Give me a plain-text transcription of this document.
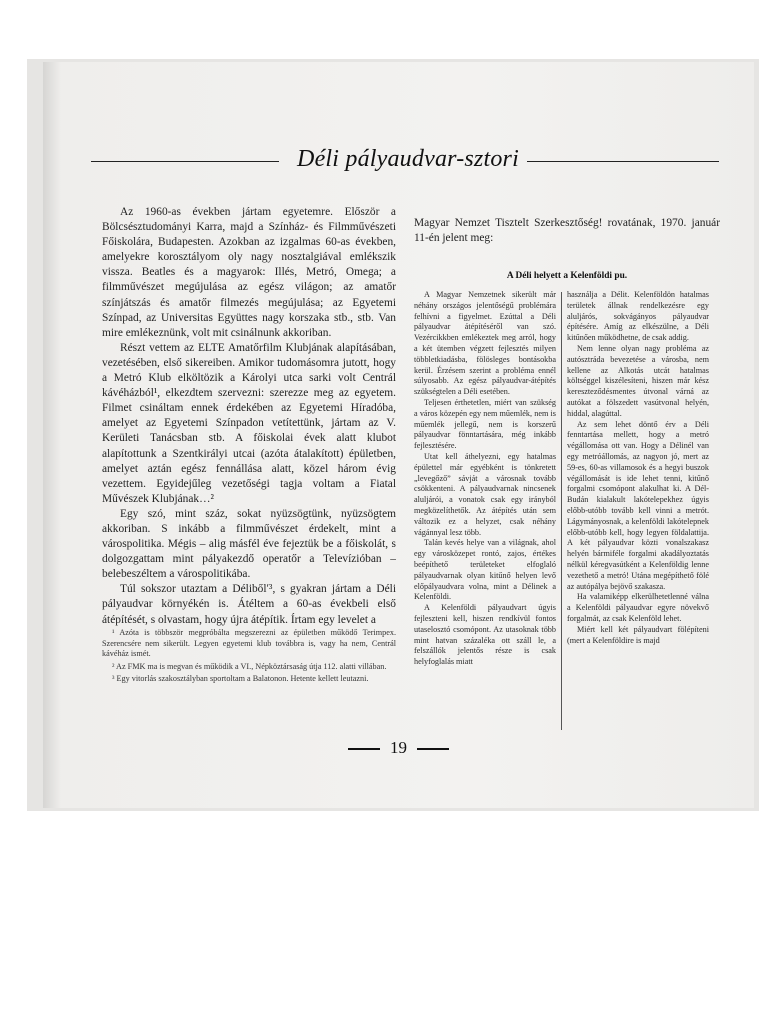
Déli pályaudvar-sztori

Az 1960-as években jártam egyetemre. Először a Bölcsésztudományi Karra, majd a Színház- és Filmművészeti Főiskolára, Budapesten. Azokban az izgalmas 60-as években, amelyekre korosztályom oly nagy nosztalgiával emlékszik vissza. Beatles és a magyarok: Illés, Metró, Omega; a filmművészet megújulása az egész világon; az amatőr színjátszás és amatőr filmezés megújulása; az Egyetemi Színpad, az Universitas Együttes nagy korszaka stb., stb. Van mire emlékeznünk, volt mit csinálnunk akkoriban.

Részt vettem az ELTE Amatőrfilm Klubjának alapításában, vezetésében, első sikereiben. Amikor tudomásomra jutott, hogy a Metró Klub elköltözik a Károlyi utca sarki volt Centrál kávéházból¹, elkezdtem szervezni: szerezze meg az egyetem. Filmet csináltam ennek érdekében az Egyetemi Híradóba, amelyet az Egyetemi Színpadon vetítettünk, jártam az V. Kerületi Tanácsban stb. A főiskolai évek alatt klubot alapítottunk a Szentkirályi utcai (azóta átalakított) épületben, amelyet aztán egész fennállása alatt, közel három évig vezettem. Egyidejűleg vezetőségi tagja voltam a Fiatal Művészek Klubjának…²

Egy szó, mint száz, sokat nyüzsögtünk, nyüzsögtem akkoriban. S inkább a filmművészet érdekelt, mint a várospolitika. Mégis – alig másfél éve fejeztük be a főiskolát, s dolgozgattam mint pályakezdő operatőr a Televízióban – belebeszéltem a várospolitikába.

Túl sokszor utaztam a Délibőlʹ³, s gyakran jártam a Déli pályaudvar környékén is. Átéltem a 60-as évekbeli első átépítését, s olvastam, hogy újra átépítik. Írtam egy levelet a

¹ Azóta is többször megpróbálta megszerezni az épületben működő Terimpex. Szerencsére nem sikerült. Legyen egyetemi klub továbbra is, vagy ha nem, Centrál kávéház ismét.

² Az FMK ma is megvan és működik a VI., Népköztársaság útja 112. alatti villában.

³ Egy vitorlás szakosztályban sportoltam a Balatonon. Hetente kellett leutazni.

Magyar Nemzet Tisztelt Szerkesztőség! rovatának, 1970. január 11-én jelent meg:
A Déli helyett a Kelenföldi pu.

A Magyar Nemzetnek sikerült már néhány országos jelentőségű problémára felhívni a figyelmet. Ezúttal a Déli pályaudvar átépítéséről van szó. Vezércikkben emlékeztek meg arról, hogy a két ütemben végzett fejlesztés milyen többletkiadásba, fölösleges bontásokba kerül. Érzésem szerint a probléma ennél súlyosabb. Az egész pályaudvar-átépítés szükségtelen a Déli esetében.

Teljesen érthetetlen, miért van szükség a város közepén egy nem műemlék, nem is műemlék jellegű, nem is korszerű pályaudvar fönntartására, még inkább fejlesztésére.

Utat kell áthelyezni, egy hatalmas épülettel már egyébként is tönkretett „levegőző” sávját a városnak tovább csökkenteni. A pályaudvarnak nincsenek aluljárói, a vonatok csak egy irányból megközelíthetők. Az átépítés után sem változik ez a helyzet, csak néhány vágánnyal lesz több.

Talán kevés helye van a világnak, ahol egy városközepet rontó, zajos, értékes beépíthető területeket elfoglaló pályaudvarnak olyan kitűnő helyen levő előpályaudvara volna, mint a Délinek a Kelenföldi.

A Kelenföldi pályaudvart úgyis fejleszteni kell, hiszen rendkívül fontos utaselosztó csomópont. Az utasoknak több mint hatvan százaléka ott száll le, a felszállók jelentős része is csak helyfoglalás miatt

használja a Délit. Kelenföldön hatalmas területek állnak rendelkezésre egy aluljárós, sokvágányos pályaudvar építésére. Amíg az elkészülne, a Déli kitűnően működhetne, de csak addig.

Nem lenne olyan nagy probléma az autósztráda bevezetése a városba, nem kellene az Alkotás utcát hatalmas költséggel kiszélesíteni, hiszen már kész kereszteződésmentes útvonal várná az autókat a fölszedett vasútvonal helyén, hiddal, alagúttal.

Az sem lehet döntő érv a Déli fenntartása mellett, hogy a metró végállomása ott van. Hogy a Délinél van egy metróállomás, az nagyon jó, mert az 59-es, 60-as villamosok és a hegyi buszok végállomását is ide lehet tenni, kitűnő forgalmi csomópont alakulhat ki. A Dél-Budán kialakult lakótelepekhez úgyis előbb-utóbb tovább kell vinni a metrót. Lágymányosnak, a kelenföldi lakótelepnek előbb-utóbb kell, hogy legyen földalattija. A két pályaudvar közti vonalszakasz helyén bármiféle forgalmi akadályoztatás nélkül kéregvasútként a Kelenföldig lenne vezethető a metró! Utána megépíthető fölé az autópálya bejövő szakasza.

Ha valamiképp elkerülhetetlenné válna a Kelenföldi pályaudvar egyre növekvő forgalmát, az csak Kelenföld lehet.

Miért kell két pályaudvart fölépíteni (mert a Kelenföldire is majd

19
